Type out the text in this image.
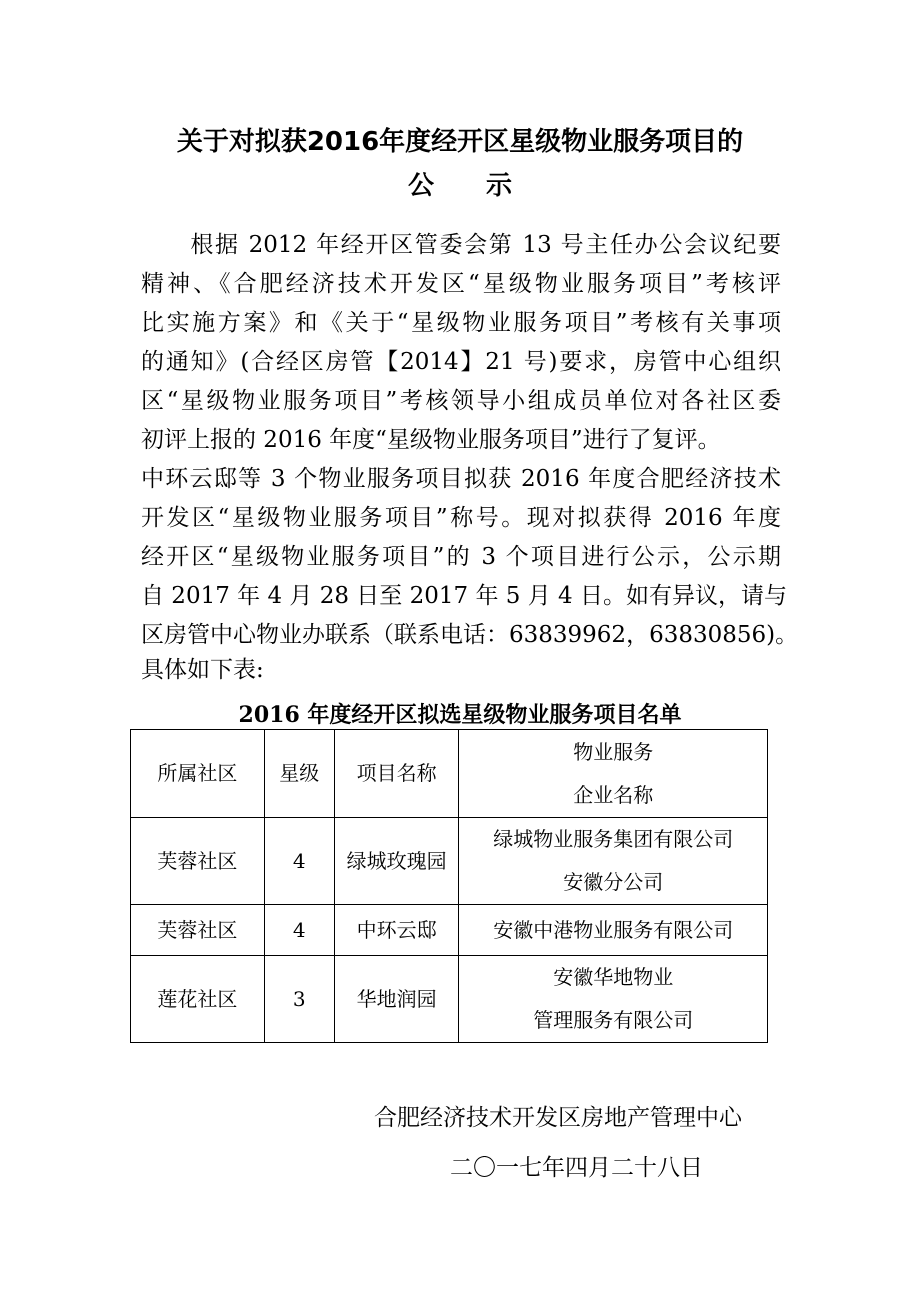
关于对拟获2016年度经开区星级物业服务项目的
公　　示
　　根据 2012 年经开区管委会第 13 号主任办公会议纪要
精神、《合肥经济技术开发区“星级物业服务项目”考核评
比实施方案》和《关于“星级物业服务项目”考核有关事项
的通知》(合经区房管【2014】21 号)要求，房管中心组织
区“星级物业服务项目”考核领导小组成员单位对各社区委
初评上报的 2016 年度“星级物业服务项目”进行了复评。
中环云邸等 3 个物业服务项目拟获 2016 年度合肥经济技术
开发区“星级物业服务项目”称号。现对拟获得 2016 年度
经开区“星级物业服务项目”的 3 个项目进行公示，公示期
自 2017 年 4 月 28 日至 2017 年 5 月 4 日。如有异议，请与
区房管中心物业办联系（联系电话：63839962，63830856)。
具体如下表:
2016 年度经开区拟选星级物业服务项目名单
所属社区	星级	项目名称	物业服务
企业名称

芙蓉社区	4	绿城玫瑰园	绿城物业服务集团有限公司
安徽分公司

芙蓉社区	4	中环云邸	安徽中港物业服务有限公司
莲花社区	3	华地润园	安徽华地物业
管理服务有限公司
合肥经济技术开发区房地产管理中心
二〇一七年四月二十八日
